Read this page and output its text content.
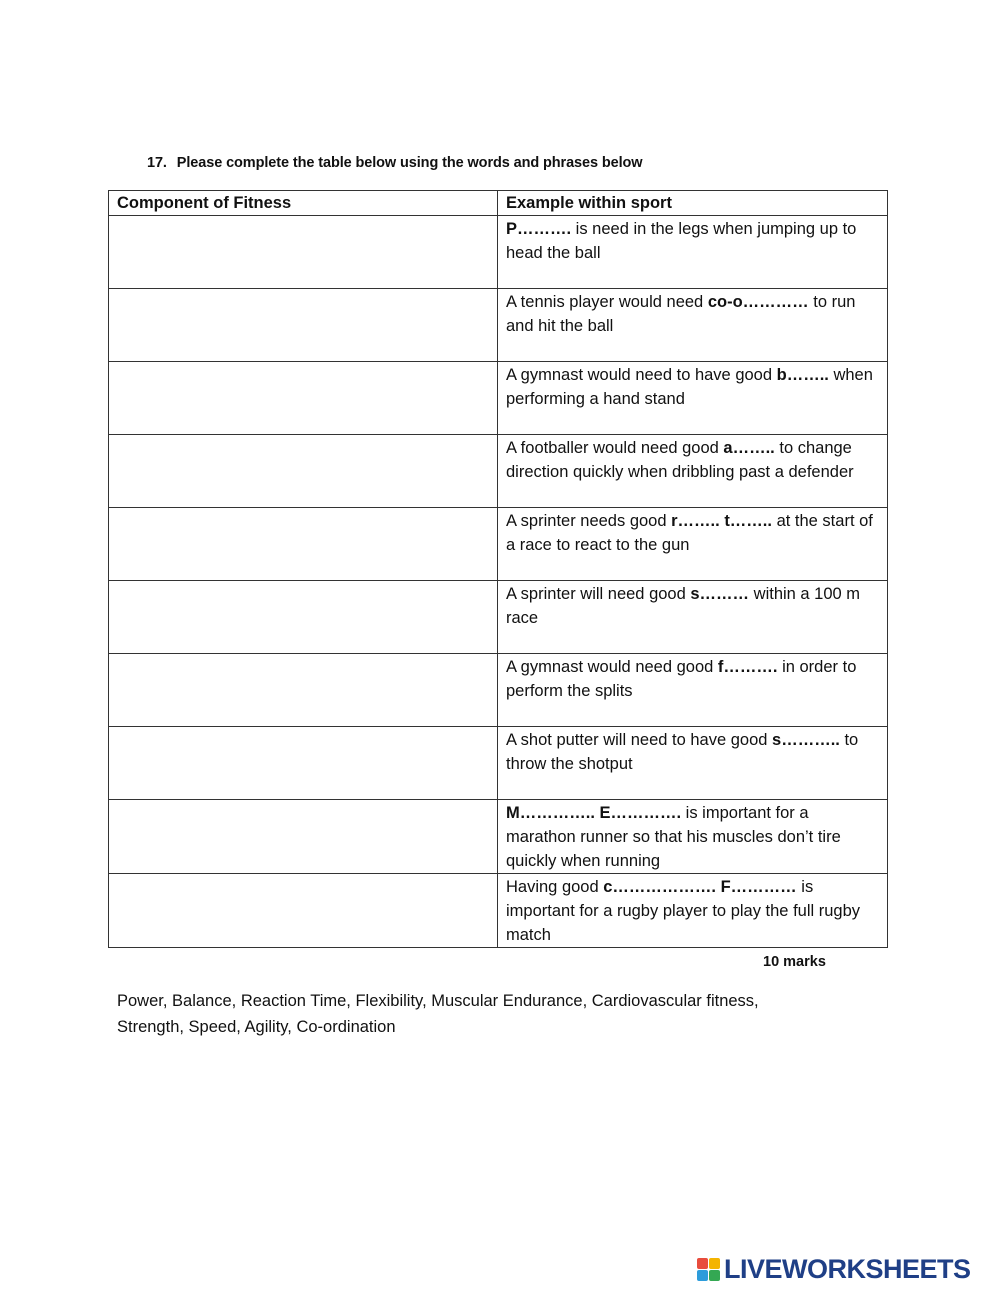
17. Please complete the table below using the words and phrases below
Component of Fitness	Example within sport
	P………. is need in the legs when jumping up to head the ball
	A tennis player would need co-o………… to run and hit the ball
	A gymnast would need to have good b…….. when performing a hand stand
	A footballer would need good a…….. to change direction quickly when dribbling past a defender
	A sprinter needs good r…….. t…….. at the start of a race to react to the gun
	A sprinter will need good s……… within a 100 m race
	A gymnast would need good f………. in order to perform the splits
	A shot putter will need to have good s……….. to throw the shotput
	M………….. E…………. is important for a marathon runner so that his muscles don’t tire quickly when running
	Having good c………………. F………… is important for a rugby player to play the full rugby match
10 marks
Power, Balance, Reaction Time, Flexibility, Muscular Endurance, Cardiovascular fitness,
Strength, Speed, Agility, Co-ordination
LIVEWORKSHEETS
